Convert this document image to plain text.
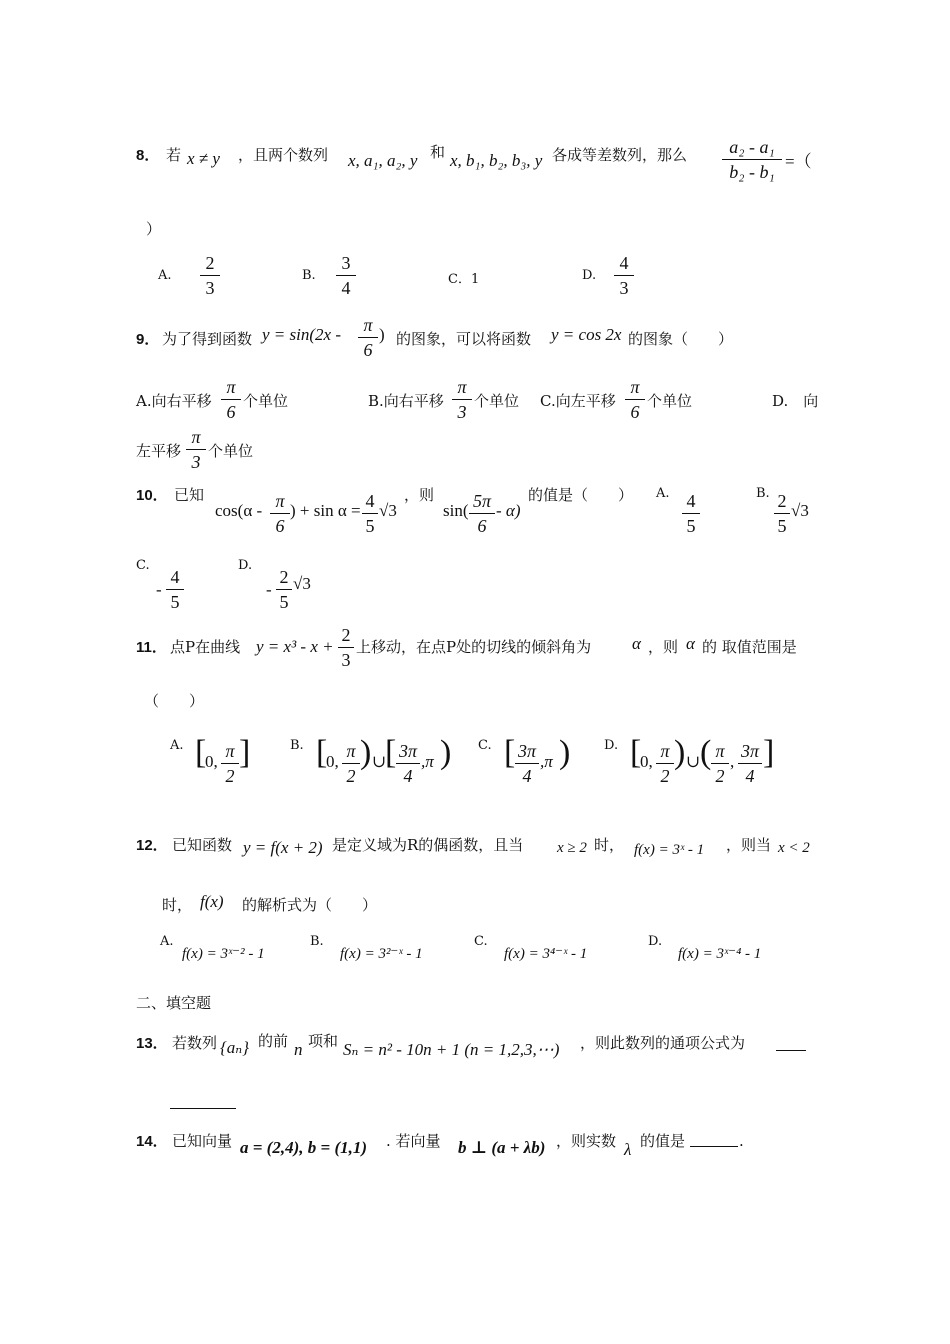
8． 若 x ≠ y ，且两个数列 x, a₁, a₂, y 和 x, b₁, b₂, b₃, y 各成等差数列，那么	a₂ - a₁
b₂ - b₁
=（
）
A.
2
3
B.
3
4	C．1	D.
4
3
9． 为了得到函数 y = sin(2x -	π
6
) 的图象，可以将函数 y = cos 2x 的图象（　　）
A.向右平移
π
6
个单位	B.向右平移
π
3
个单位 C.向左平移
π
6
个单位	D.　向
左平移
π
3
个单位
10． 已知
cos(α - π
6
) + sin α = 4
5
√3
，则
sin( 5π
6
- α)
的值是（　　） A. 4
5
B. 2
5
√3
C.
-
4
5
D.
-
2
5
√3
11． 点P在曲线 y = x³ - x +
2
3
上移动，在点P处的切线的倾斜角为 α ，则 α 的 取值范围是
（　　）
A. [
0,
π
2
]	B. [
0,
π
2
) ∪
[ 3π
4
,π ) C. [ 3π
4
,π )	D. [
0,
π
2
) ∪ ( π
2
,
3π
4
]
12． 已知函数 y = f(x + 2) 是定义域为R的偶函数，且当 x ≥ 2 时， f(x) = 3ˣ - 1 ，则当 x < 2
时， f(x) 的解析式为（　　）
A.
f(x) = 3ˣ⁻² - 1
B.
f(x) = 3²⁻ˣ - 1
C.
f(x) = 3⁴⁻ˣ - 1
D.
f(x) = 3ˣ⁻⁴ - 1
二、填空题
13． 若数列 {aₙ} 的前 n 项和 Sₙ = n² - 10n + 1 (n = 1,2,3,⋯) ，则此数列的通项公式为
14． 已知向量 a = (2,4), b = (1,1) . 若向量 b ⊥ (a + λb) ，则实数 λ 的值是	.
